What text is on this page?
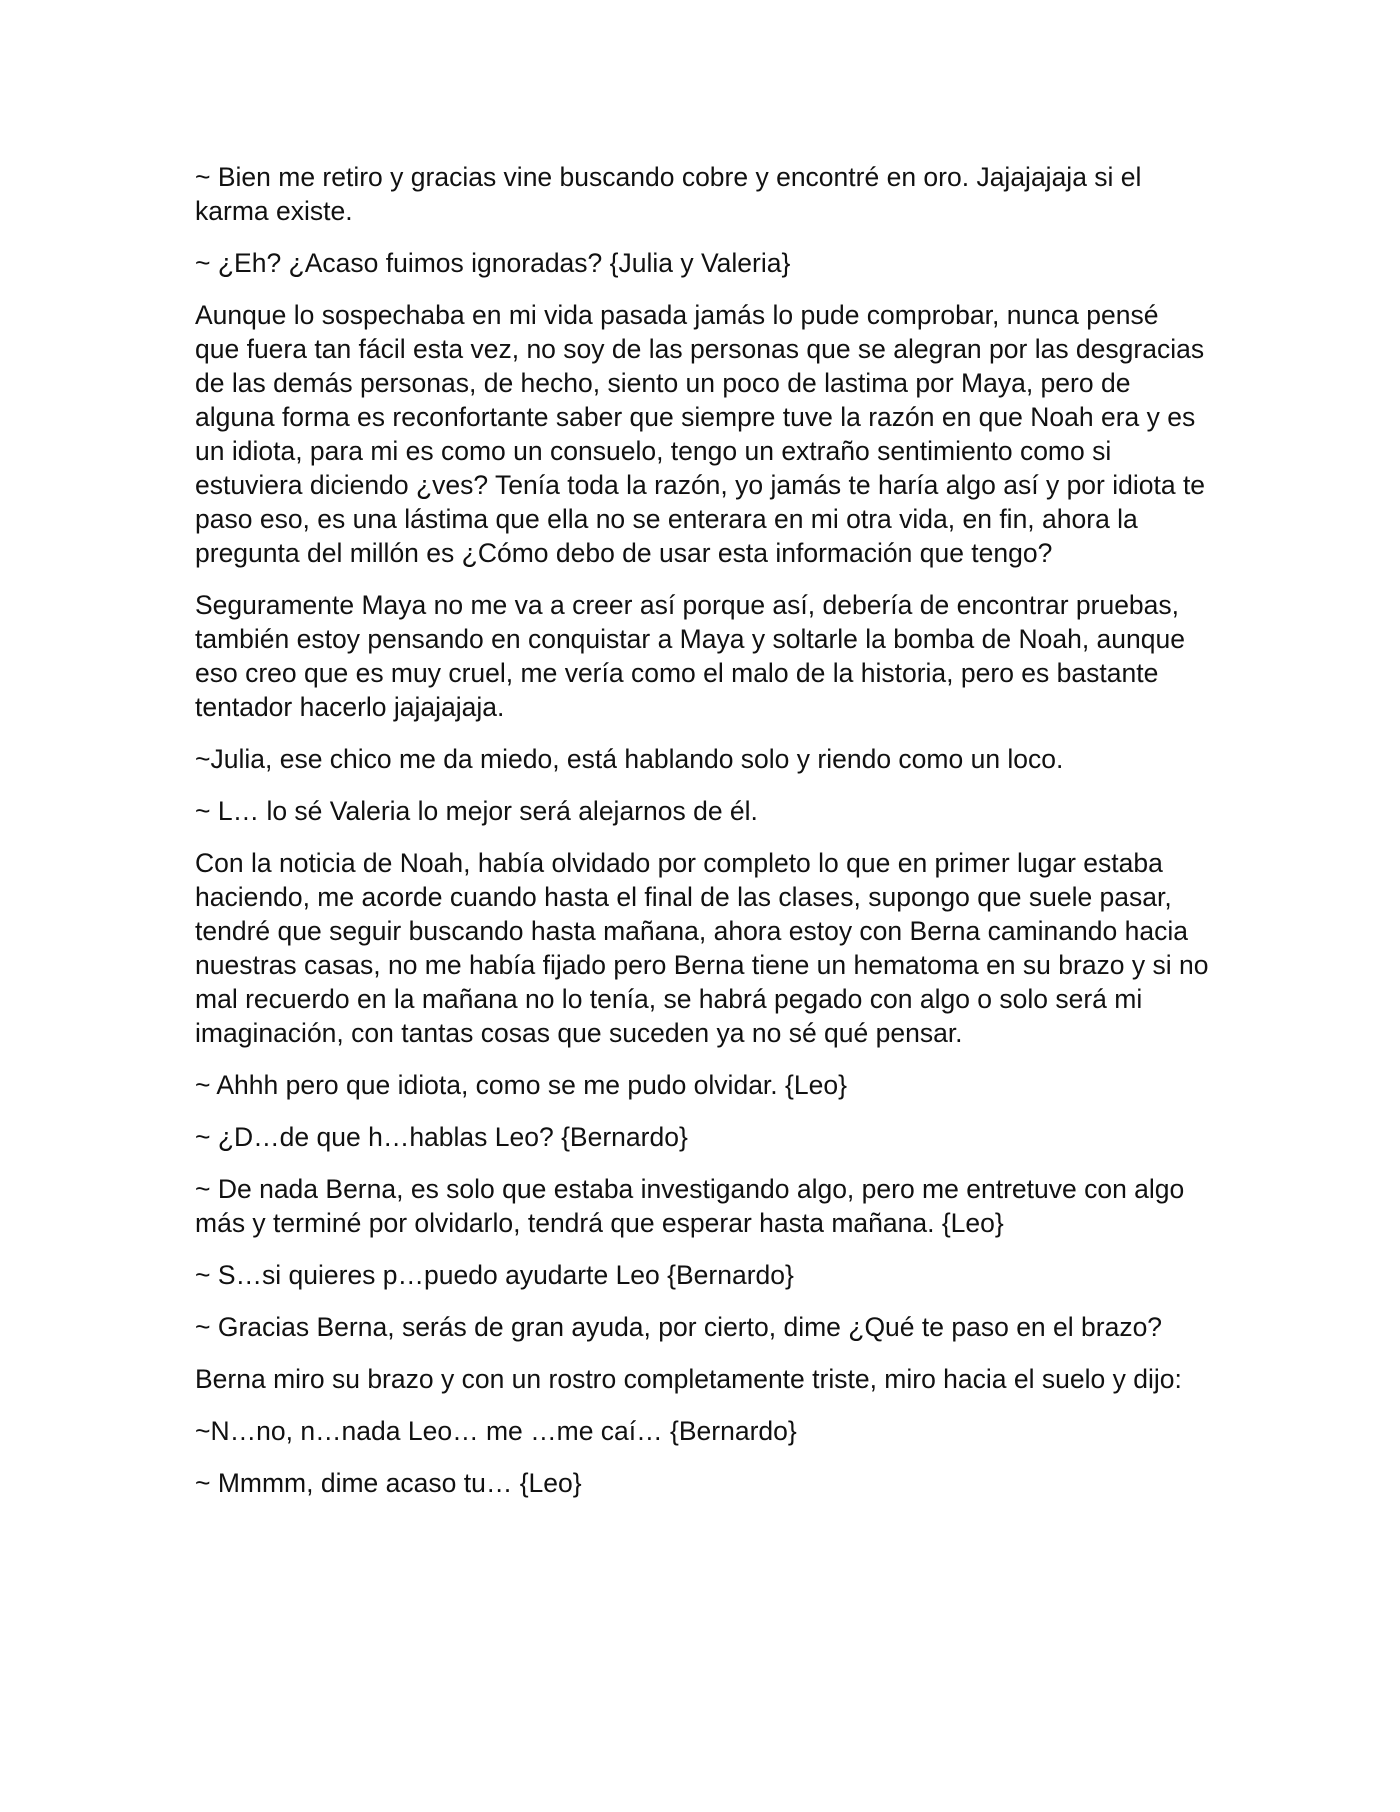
~ Bien me retiro y gracias vine buscando cobre y encontré en oro. Jajajajaja si el karma existe.

~ ¿Eh? ¿Acaso fuimos ignoradas? {Julia y Valeria}

Aunque lo sospechaba en mi vida pasada jamás lo pude comprobar, nunca pensé que fuera tan fácil esta vez, no soy de las personas que se alegran por las desgracias de las demás personas, de hecho, siento un poco de lastima por Maya, pero de alguna forma es reconfortante saber que siempre tuve la razón en que Noah era y es un idiota, para mi es como un consuelo, tengo un extraño sentimiento como si estuviera diciendo ¿ves? Tenía toda la razón, yo jamás te haría algo así y por idiota te paso eso, es una lástima que ella no se enterara en mi otra vida, en fin, ahora la pregunta del millón es ¿Cómo debo de usar esta información que tengo?

Seguramente Maya no me va a creer así porque así, debería de encontrar pruebas, también estoy pensando en conquistar a Maya y soltarle la bomba de Noah, aunque eso creo que es muy cruel, me vería como el malo de la historia, pero es bastante tentador hacerlo jajajajaja.

~Julia, ese chico me da miedo, está hablando solo y riendo como un loco.

~ L… lo sé Valeria lo mejor será alejarnos de él.

Con la noticia de Noah, había olvidado por completo lo que en primer lugar estaba haciendo, me acorde cuando hasta el final de las clases, supongo que suele pasar, tendré que seguir buscando hasta mañana, ahora estoy con Berna caminando hacia nuestras casas, no me había fijado pero Berna tiene un hematoma en su brazo y si no mal recuerdo en la mañana no lo tenía, se habrá pegado con algo o solo será mi imaginación, con tantas cosas que suceden ya no sé qué pensar.

~ Ahhh pero que idiota, como se me pudo olvidar. {Leo}

~ ¿D…de que h…hablas Leo? {Bernardo}

~ De nada Berna, es solo que estaba investigando algo, pero me entretuve con algo más y terminé por olvidarlo, tendrá que esperar hasta mañana. {Leo}

~ S…si quieres p…puedo ayudarte Leo {Bernardo}

~ Gracias Berna, serás de gran ayuda, por cierto, dime ¿Qué te paso en el brazo?

Berna miro su brazo y con un rostro completamente triste, miro hacia el suelo y dijo:

~N…no, n…nada Leo… me …me caí… {Bernardo}

~ Mmmm, dime acaso tu… {Leo}
